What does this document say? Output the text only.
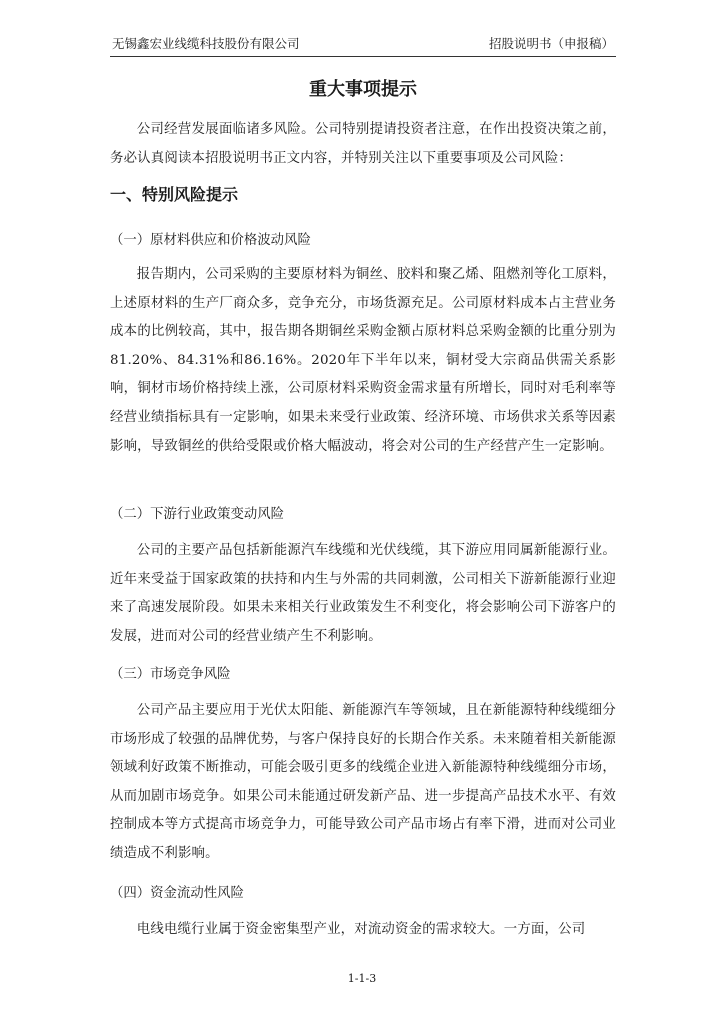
无锡鑫宏业线缆科技股份有限公司	招股说明书（申报稿）
重大事项提示
公司经营发展面临诸多风险。公司特别提请投资者注意，在作出投资决策之前，务必认真阅读本招股说明书正文内容，并特别关注以下重要事项及公司风险：
一、特别风险提示
（一）原材料供应和价格波动风险
报告期内，公司采购的主要原材料为铜丝、胶料和聚乙烯、阻燃剂等化工原料，上述原材料的生产厂商众多，竞争充分，市场货源充足。公司原材料成本占主营业务成本的比例较高，其中，报告期各期铜丝采购金额占原材料总采购金额的比重分别为81.20%、84.31%和86.16%。2020年下半年以来，铜材受大宗商品供需关系影响，铜材市场价格持续上涨，公司原材料采购资金需求量有所增长，同时对毛利率等经营业绩指标具有一定影响，如果未来受行业政策、经济环境、市场供求关系等因素影响，导致铜丝的供给受限或价格大幅波动，将会对公司的生产经营产生一定影响。
（二）下游行业政策变动风险
公司的主要产品包括新能源汽车线缆和光伏线缆，其下游应用同属新能源行业。近年来受益于国家政策的扶持和内生与外需的共同刺激，公司相关下游新能源行业迎来了高速发展阶段。如果未来相关行业政策发生不利变化，将会影响公司下游客户的发展，进而对公司的经营业绩产生不利影响。
（三）市场竞争风险
公司产品主要应用于光伏太阳能、新能源汽车等领域，且在新能源特种线缆细分市场形成了较强的品牌优势，与客户保持良好的长期合作关系。未来随着相关新能源领域利好政策不断推动，可能会吸引更多的线缆企业进入新能源特种线缆细分市场，从而加剧市场竞争。如果公司未能通过研发新产品、进一步提高产品技术水平、有效控制成本等方式提高市场竞争力，可能导致公司产品市场占有率下滑，进而对公司业绩造成不利影响。
（四）资金流动性风险
电线电缆行业属于资金密集型产业，对流动资金的需求较大。一方面，公司
1-1-3
